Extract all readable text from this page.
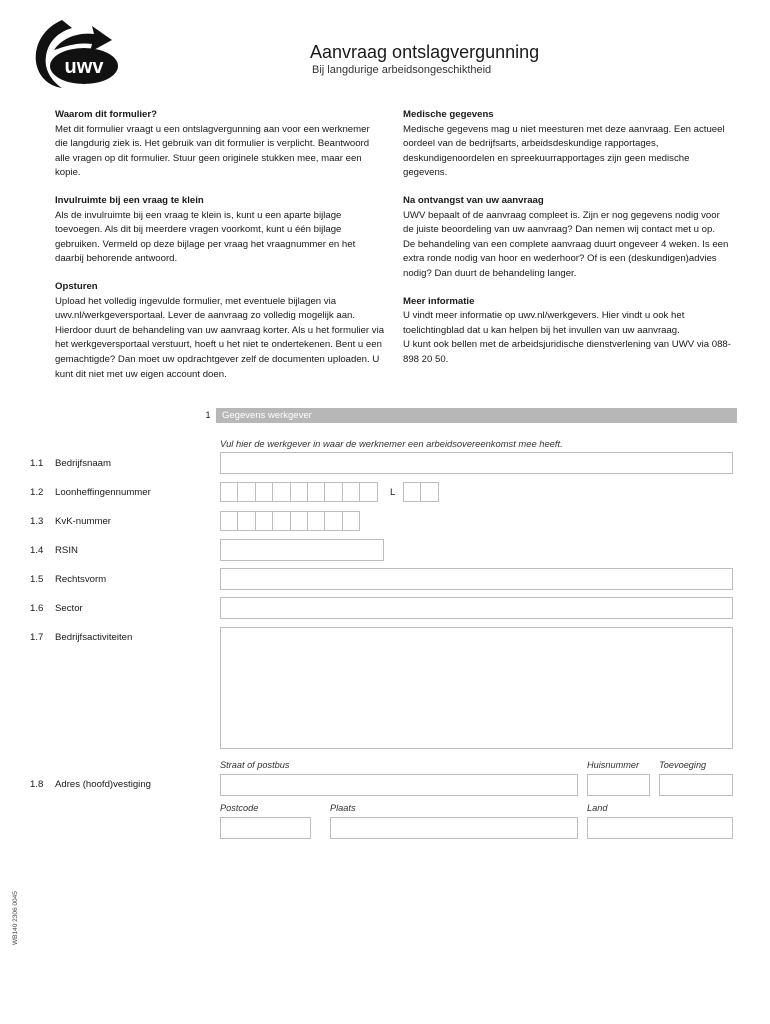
uwv
Aanvraag ontslagvergunning
Bij langdurige arbeidsongeschiktheid

Waarom dit formulier?

Met dit formulier vraagt u een ontslagvergunning aan voor een werknemer die langdurig ziek is. Het gebruik van dit formulier is verplicht. Beantwoord alle vragen op dit formulier. Stuur geen originele stukken mee, maar een kopie.

Invulruimte bij een vraag te klein

Als de invulruimte bij een vraag te klein is, kunt u een aparte bijlage toevoegen. Als dit bij meerdere vragen voorkomt, kunt u één bijlage gebruiken. Vermeld op deze bijlage per vraag het vraagnummer en het daarbij behorende antwoord.

Opsturen

Upload het volledig ingevulde formulier, met eventuele bijlagen via uwv.nl/werkgeversportaal. Lever de aanvraag zo volledig mogelijk aan. Hierdoor duurt de behandeling van uw aanvraag korter. Als u het formulier via het werkgeversportaal verstuurt, hoeft u het niet te ondertekenen. Bent u een gemachtigde? Dan moet uw opdrachtgever zelf de documenten uploaden. U kunt dit niet met uw eigen account doen.

Medische gegevens

Medische gegevens mag u niet meesturen met deze aanvraag. Een actueel oordeel van de bedrijfsarts, arbeidsdeskundige rapportages, deskundigenoordelen en spreekuurrapportages zijn geen medische gegevens.

Na ontvangst van uw aanvraag

UWV bepaalt of de aanvraag compleet is. Zijn er nog gegevens nodig voor de juiste beoordeling van uw aanvraag? Dan nemen wij contact met u op.

De behandeling van een complete aanvraag duurt ongeveer 4 weken. Is een extra ronde nodig van hoor en wederhoor? Of is een (deskundigen)advies nodig? Dan duurt de behandeling langer.

Meer informatie

U vindt meer informatie op uwv.nl/werkgevers. Hier vindt u ook het toelichtingblad dat u kan helpen bij het invullen van uw aanvraag.

U kunt ook bellen met de arbeidsjuridische dienstverlening van UWV via 088-898 20 50.

1	Gegevens werkgever
Vul hier de werkgever in waar de werknemer een arbeidsovereenkomst mee heeft.
1.1 Bedrijfsnaam
1.2 Loonheffingennummer	L
1.3 KvK-nummer
1.4 RSIN
1.5 Rechtsvorm
1.6 Sector
1.7 Bedrijfsactiviteiten
Straat of postbus	Huisnummer Toevoeging
1.8 Adres (hoofd)vestiging
Postcode	Plaats	Land
WB140 2306 0045
